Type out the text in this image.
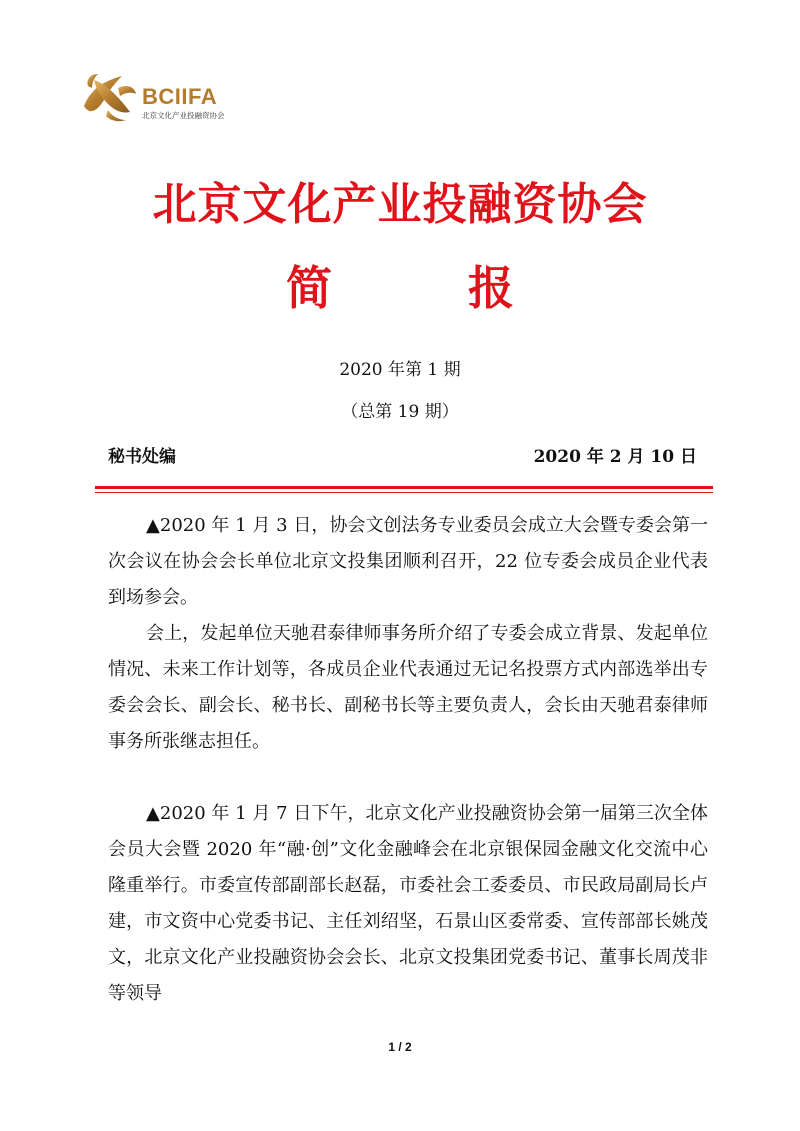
BCIIFA
北京文化产业投融资协会
北京文化产业投融资协会
简 报
2020 年第 1 期
（总第 19 期）
秘书处编	2020 年 2 月 10 日

▲2020 年 1 月 3 日，协会文创法务专业委员会成立大会暨专委会第一次会议在协会会长单位北京文投集团顺利召开，22 位专委会成员企业代表到场参会。

会上，发起单位天驰君泰律师事务所介绍了专委会成立背景、发起单位情况、未来工作计划等，各成员企业代表通过无记名投票方式内部选举出专委会会长、副会长、秘书长、副秘书长等主要负责人，会长由天驰君泰律师事务所张继志担任。

▲2020 年 1 月 7 日下午，北京文化产业投融资协会第一届第三次全体会员大会暨 2020 年“融·创”文化金融峰会在北京银保园金融文化交流中心隆重举行。市委宣传部副部长赵磊，市委社会工委委员、市民政局副局长卢建，市文资中心党委书记、主任刘绍坚，石景山区委常委、宣传部部长姚茂文，北京文化产业投融资协会会长、北京文投集团党委书记、董事长周茂非等领导

1 / 2
